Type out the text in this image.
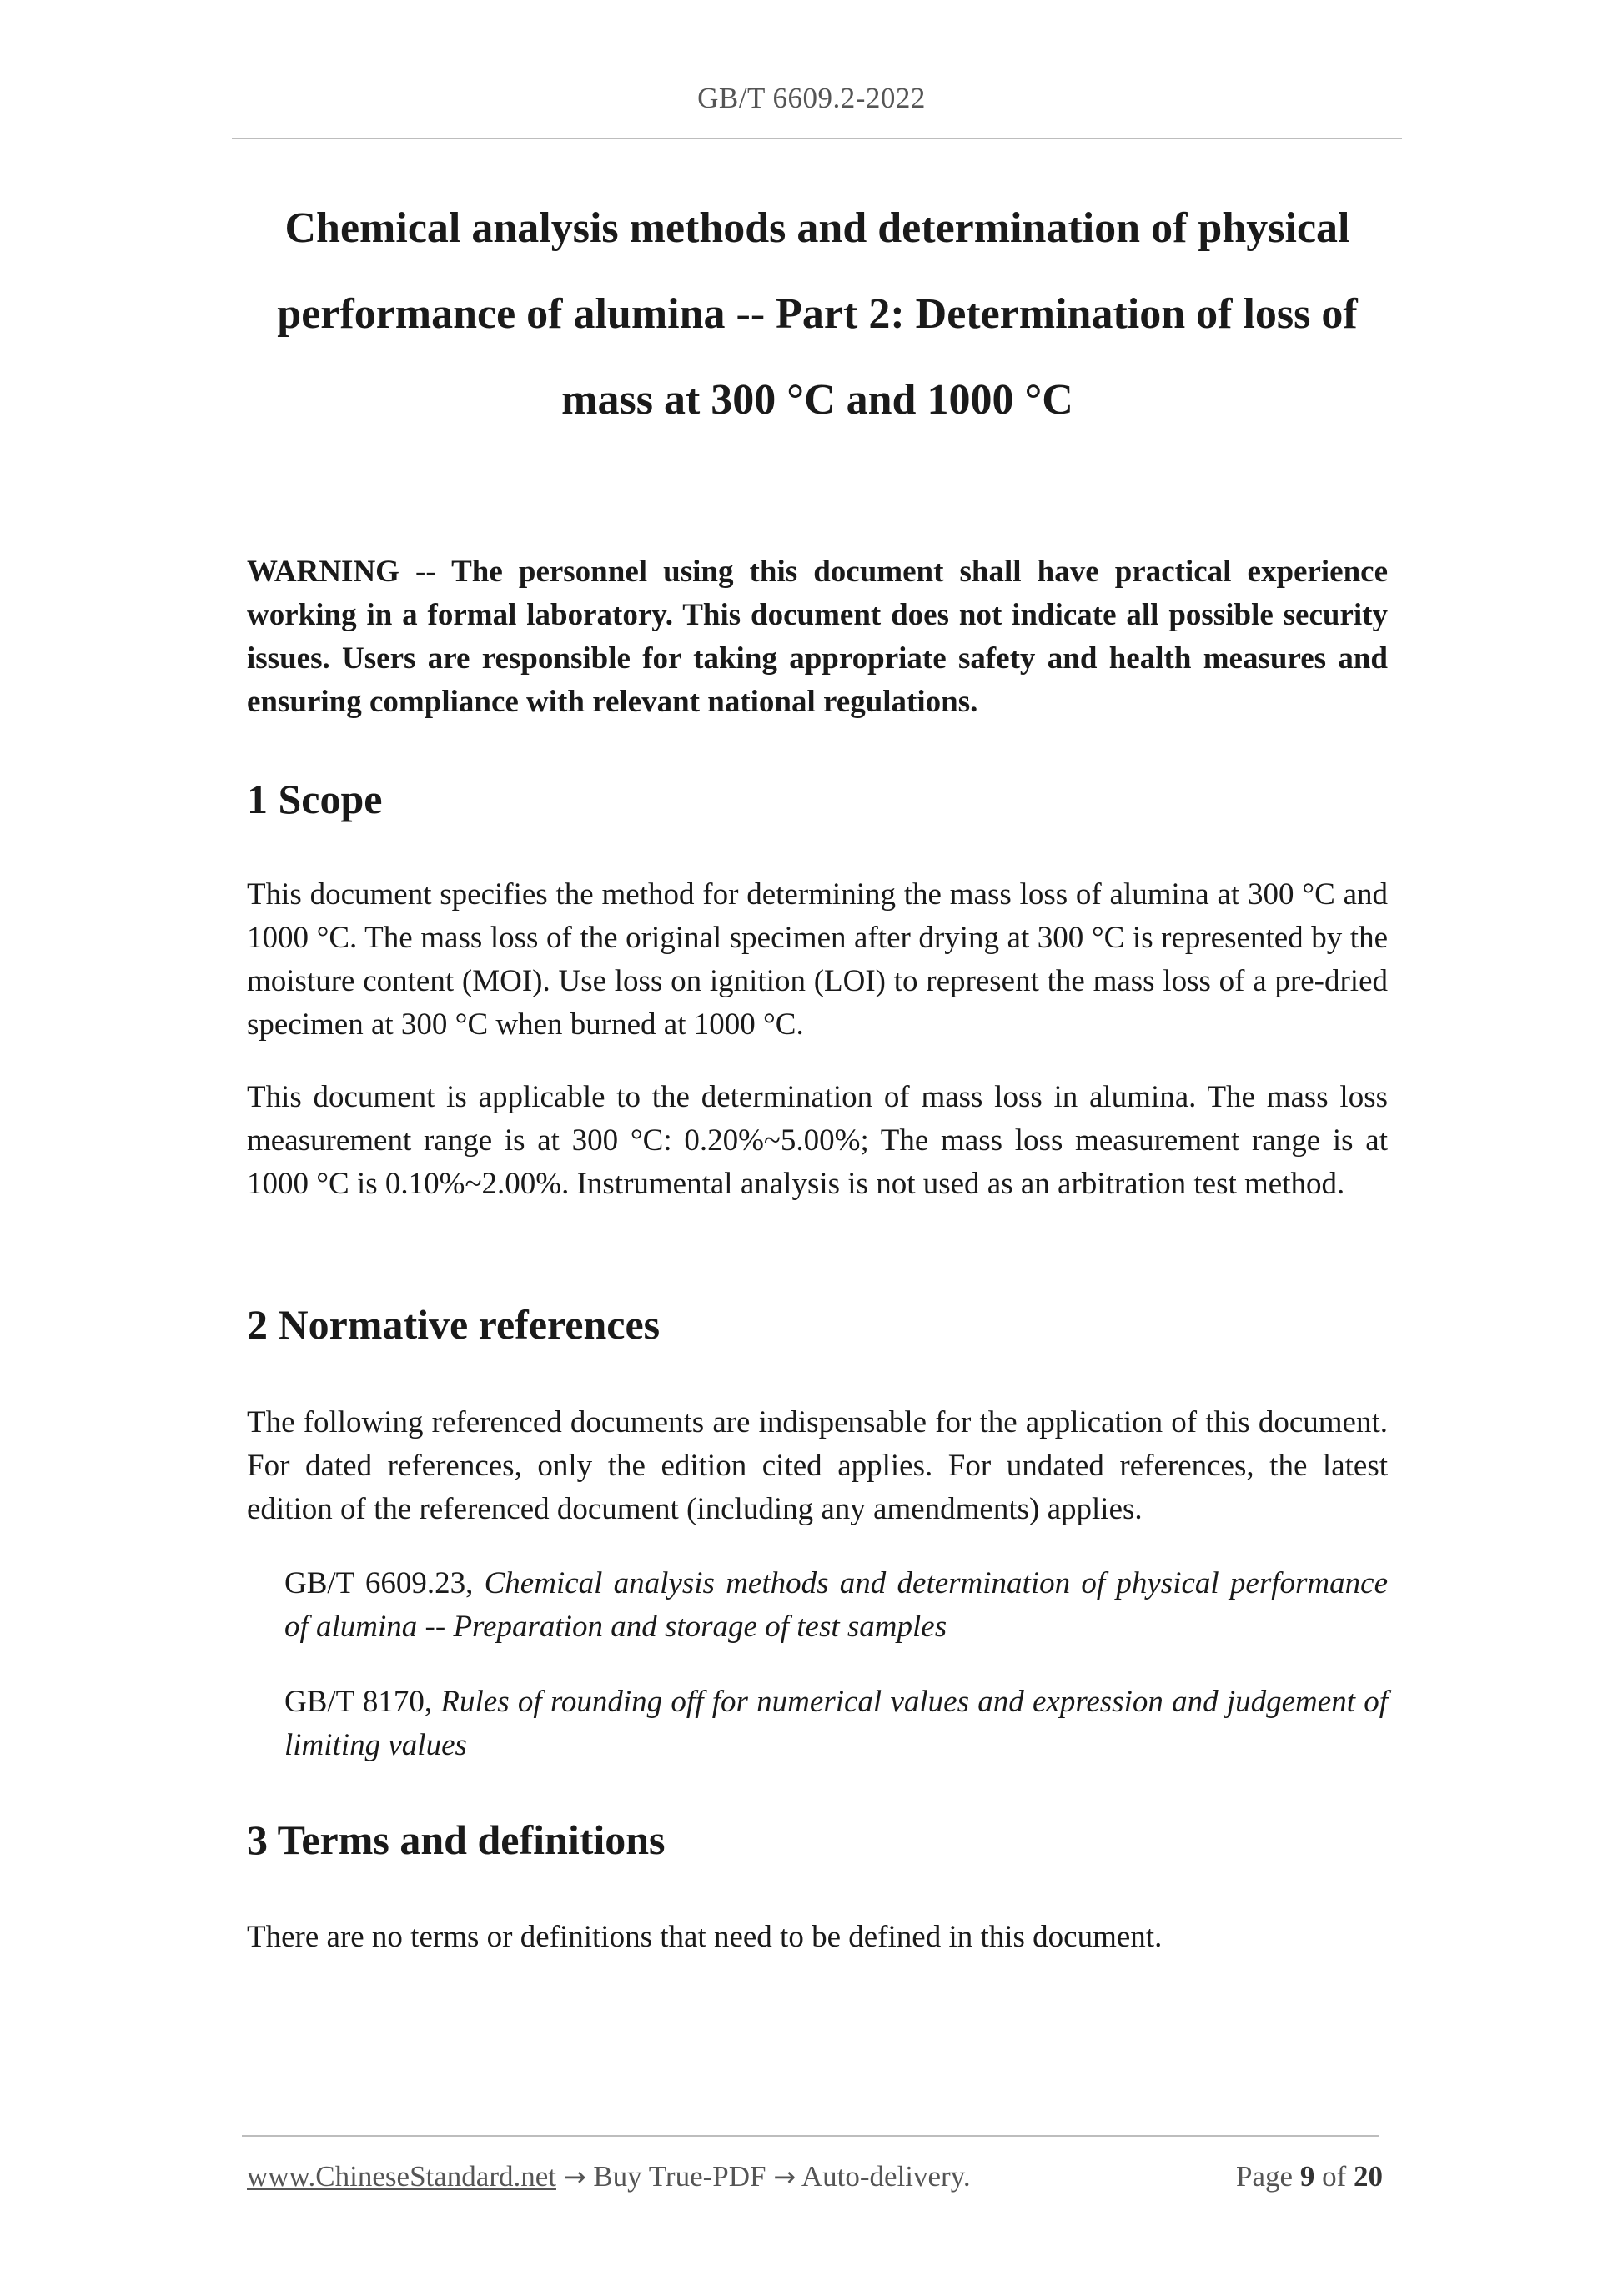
GB/T 6609.2-2022
Chemical analysis methods and determination of physical performance of alumina -- Part 2: Determination of loss of mass at 300 °C and 1000 °C
WARNING -- The personnel using this document shall have practical experience working in a formal laboratory. This document does not indicate all possible security issues. Users are responsible for taking appropriate safety and health measures and ensuring compliance with relevant national regulations.
1 Scope
This document specifies the method for determining the mass loss of alumina at 300 °C and 1000 °C. The mass loss of the original specimen after drying at 300 °C is represented by the moisture content (MOI). Use loss on ignition (LOI) to represent the mass loss of a pre-dried specimen at 300 °C when burned at 1000 °C.
This document is applicable to the determination of mass loss in alumina. The mass loss measurement range is at 300 °C: 0.20%~5.00%; The mass loss measurement range is at 1000 °C is 0.10%~2.00%. Instrumental analysis is not used as an arbitration test method.
2 Normative references
The following referenced documents are indispensable for the application of this document. For dated references, only the edition cited applies. For undated references, the latest edition of the referenced document (including any amendments) applies.
GB/T 6609.23, Chemical analysis methods and determination of physical performance of alumina -- Preparation and storage of test samples
GB/T 8170, Rules of rounding off for numerical values and expression and judgement of limiting values
3 Terms and definitions
There are no terms or definitions that need to be defined in this document.
www.ChineseStandard.net → Buy True-PDF → Auto-delivery.	Page 9 of 20
